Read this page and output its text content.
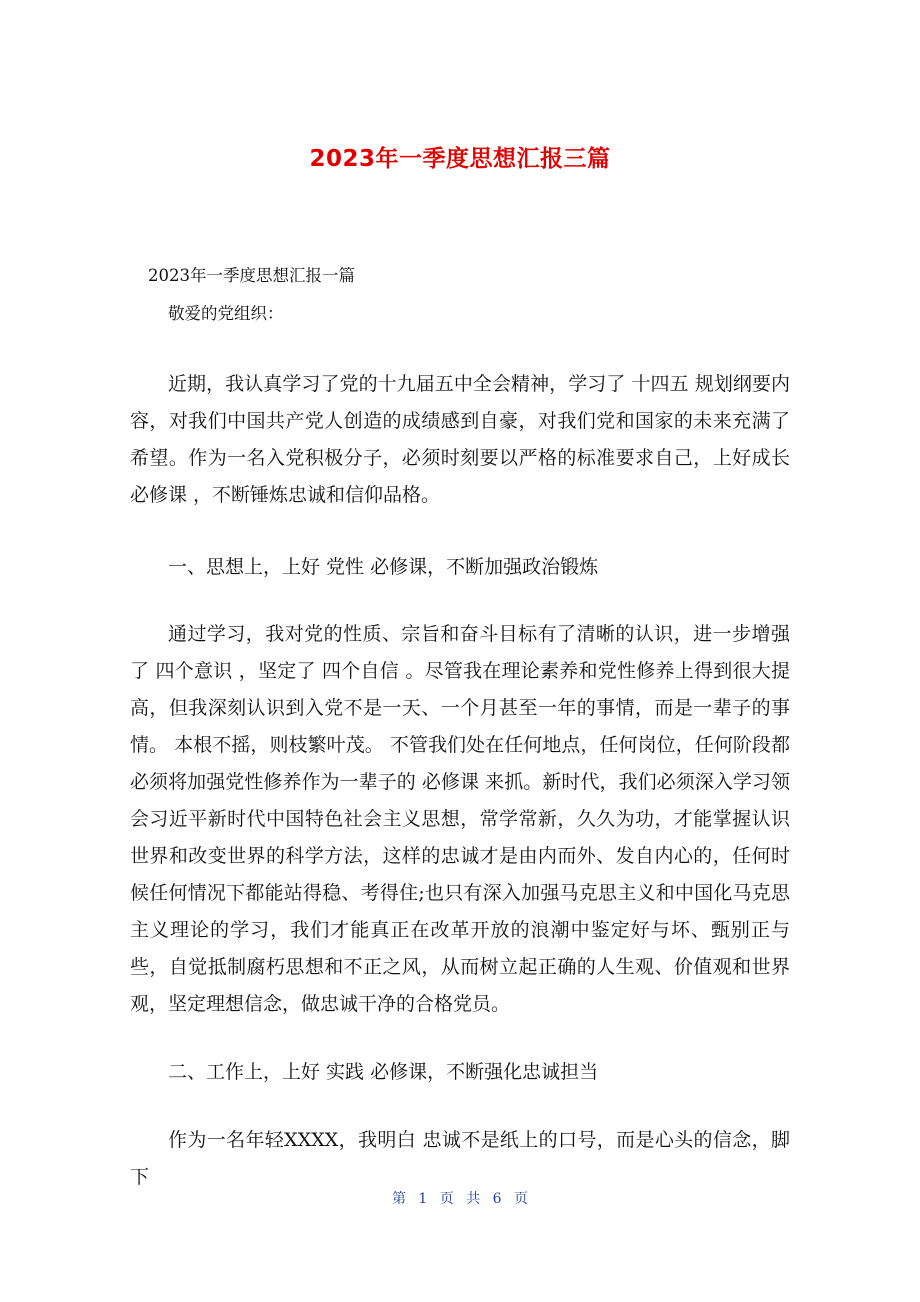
2023年一季度思想汇报三篇
2023年一季度思想汇报一篇
敬爱的党组织：

近期，我认真学习了党的十九届五中全会精神，学习了 十四五 规划纲要内容，对我们中国共产党人创造的成绩感到自豪，对我们党和国家的未来充满了希望。作为一名入党积极分子，必须时刻要以严格的标准要求自己，上好成长 必修课 ，不断锤炼忠诚和信仰品格。

一、思想上，上好 党性 必修课，不断加强政治锻炼

通过学习，我对党的性质、宗旨和奋斗目标有了清晰的认识，进一步增强了 四个意识 ，坚定了 四个自信 。尽管我在理论素养和党性修养上得到很大提高，但我深刻认识到入党不是一天、一个月甚至一年的事情，而是一辈子的事情。 本根不摇，则枝繁叶茂。 不管我们处在任何地点，任何岗位，任何阶段都必须将加强党性修养作为一辈子的 必修课 来抓。新时代，我们必须深入学习领会习近平新时代中国特色社会主义思想，常学常新，久久为功，才能掌握认识世界和改变世界的科学方法，这样的忠诚才是由内而外、发自内心的，任何时候任何情况下都能站得稳、考得住;也只有深入加强马克思主义和中国化马克思主义理论的学习，我们才能真正在改革开放的浪潮中鉴定好与坏、甄别正与些，自觉抵制腐朽思想和不正之风，从而树立起正确的人生观、价值观和世界观，坚定理想信念，做忠诚干净的合格党员。

二、工作上，上好 实践 必修课，不断强化忠诚担当

作为一名年轻XXXX，我明白 忠诚不是纸上的口号，而是心头的信念，脚下

第 1 页 共 6 页
